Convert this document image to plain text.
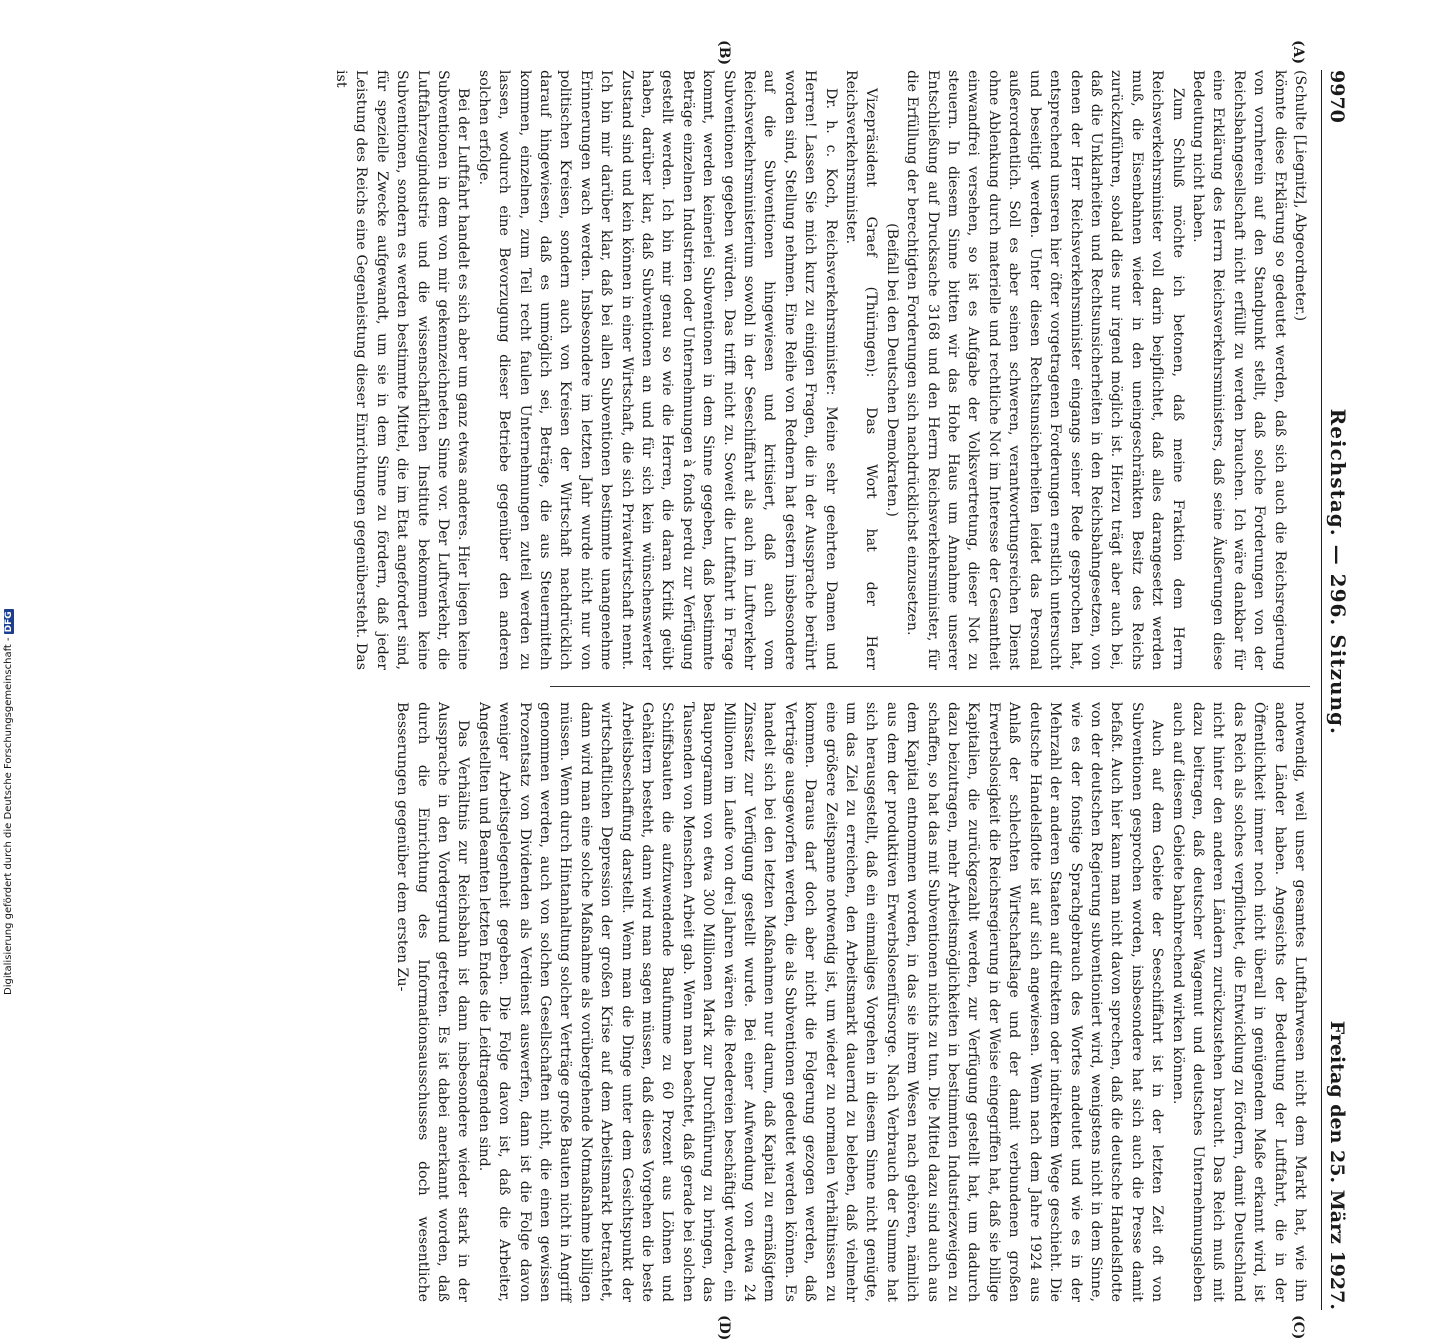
Digitalisierung gefördert durch die Deutsche Forschungsgemeinschaft -DFG
9970
Reichstag. — 296. Sitzung.
Freitag den 25. März 1927.

(Schulte [Liegnitz], Abgeordneter.)

könnte diese Erklärung so gedeutet werden, daß sich auch die Reichsregierung von vornherein auf den Standpunkt stellt, daß solche Forderungen von der Reichsbahngesellschaft nicht erfüllt zu werden brauchen. Ich wäre dankbar für eine Erklärung des Herrn Reichsverkehrsministers, daß seine Äußerungen diese Bedeutung nicht haben.

Zum Schluß möchte ich betonen, daß meine Fraktion dem Herrn Reichsverkehrsminister voll darin beipflichtet, daß alles darangesetzt werden muß, die Eisenbahnen wieder in den uneingeschränkten Besitz des Reichs zurückzuführen, sobald dies nur irgend möglich ist. Hierzu trägt aber auch bei, daß die Unklarheiten und Rechtsunsicherheiten in den Reichsbahngesetzen, von denen der Herr Reichsverkehrsminister eingangs seiner Rede gesprochen hat, entsprechend unseren hier öfter vorgetragenen Forderungen ernstlich untersucht und beseitigt werden. Unter diesen Rechtsunsicherheiten leidet das Personal außerordentlich. Soll es aber seinen schweren, verantwortungsreichen Dienst ohne Ablenkung durch materielle und rechtliche Not im Interesse der Gesamtheit einwandfrei versehen, so ist es Aufgabe der Volksvertretung, dieser Not zu steuern. In diesem Sinne bitten wir das Hohe Haus um Annahme unserer Entschließung auf Drucksache 3168 und den Herrn Reichsverkehrsminister, für die Erfüllung der berechtigten Forderungen sich nachdrücklichst einzusetzen.

(Beifall bei den Deutschen Demokraten.)

Vizepräsident Graef (Thüringen): Das Wort hat der Herr Reichsverkehrsminister.

Dr. h. c. Koch, Reichsverkehrsminister: Meine sehr geehrten Damen und Herren! Lassen Sie mich kurz zu einigen Fragen, die in der Aussprache berührt worden sind, Stellung nehmen. Eine Reihe von Rednern hat gestern insbesondere auf die Subventionen hingewiesen und kritisiert, daß auch vom Reichsverkehrsministerium sowohl in der Seeschiffahrt als auch im Luftverkehr Subventionen gegeben würden. Das trifft nicht zu. Soweit die Luftfahrt in Frage kommt, werden keinerlei Subventionen in dem Sinne gegeben, daß bestimmte Beträge einzelnen Industrien oder Unternehmungen à fonds perdu zur Verfügung gestellt werden. Ich bin mir genau so wie die Herren, die daran Kritik geübt haben, darüber klar, daß Subventionen an und für sich kein wünschenswerter Zustand sind und kein können in einer Wirtschaft, die sich Privatwirtschaft nennt. Ich bin mir darüber klar, daß bei allen Subventionen bestimmte unangenehme Erinnerungen wach werden. Insbesondere im letzten Jahr wurde nicht nur von politischen Kreisen, sondern auch von Kreisen der Wirtschaft nachdrücklich darauf hingewiesen, daß es unmöglich sei, Beträge, die aus Steuermitteln kommen, einzelnen, zum Teil recht faulen Unternehmungen zuteil werden zu lassen, wodurch eine Bevorzugung dieser Betriebe gegenüber den anderen solchen erfolge.

Bei der Luftfahrt handelt es sich aber um ganz etwas anderes. Hier liegen keine Subventionen in dem von mir gekennzeichneten Sinne vor. Der Luftverkehr, die Luftfahrzeugindustrie und die wissenschaftlichen Institute bekommen keine Subventionen, sondern es werden bestimmte Mittel, die im Etat angefordert sind, für spezielle Zwecke aufgewandt, um sie in dem Sinne zu fördern, daß jeder Leistung des Reichs eine Gegenleistung dieser Einrichtungen gegenübersteht. Das ist

notwendig, weil unser gesamtes Luftfahrwesen nicht dem Markt hat, wie ihn andere Länder haben. Angesichts der Bedeutung der Luftfahrt, die in der Öffentlichkeit immer noch nicht überall in genügendem Maße erkannt wird, ist das Reich als solches verpflichtet, die Entwicklung zu fördern, damit Deutschland nicht hinter den anderen Ländern zurückzustehen braucht. Das Reich muß mit dazu beitragen, daß deutscher Wagemut und deutsches Unternehmungsleben auch auf diesem Gebiete bahnbrechend wirken können.

Auch auf dem Gebiete der Seeschiffahrt ist in der letzten Zeit oft von Subventionen gesprochen worden, insbesondere hat sich auch die Presse damit befaßt. Auch hier kann man nicht davon sprechen, daß die deutsche Handelsflotte von der deutschen Regierung subventioniert wird, wenigstens nicht in dem Sinne, wie es der fonstige Sprachgebrauch des Wortes andeutet und wie es in der Mehrzahl der anderen Staaten auf direktem oder indirektem Wege geschieht. Die deutsche Handelsflotte ist auf sich angewiesen. Wenn nach dem Jahre 1924 aus Anlaß der schlechten Wirtschaftslage und der damit verbundenen großen Erwerbslosigkeit die Reichsregierung in der Weise eingegriffen hat, daß sie billige Kapitalien, die zurückgezahlt werden, zur Verfügung gestellt hat, um dadurch dazu beizutragen, mehr Arbeitsmöglichkeiten in bestimmten Industriezweigen zu schaffen, so hat das mit Subventionen nichts zu tun. Die Mittel dazu sind auch aus dem Kapital entnommen worden, in das sie ihrem Wesen nach gehören, nämlich aus dem der produktiven Erwerbslosenfürsorge. Nach Verbrauch der Summe hat sich herausgestellt, daß ein einmaliges Vorgehen in diesem Sinne nicht genügte, um das Ziel zu erreichen, den Arbeitsmarkt dauernd zu beleben, daß vielmehr eine größere Zeitspanne notwendig ist, um wieder zu normalen Verhältnissen zu kommen. Daraus darf doch aber nicht die Folgerung gezogen werden, daß Verträge ausgeworfen werden, die als Subventionen gedeutet werden können. Es handelt sich bei den letzten Maßnahmen nur darum, daß Kapital zu ermäßigtem Zinssatz zur Verfügung gestellt wurde. Bei einer Aufwendung von etwa 24 Millionen im Laufe von drei Jahren wären die Reedereien beschäftigt worden, ein Bauprogramm von etwa 300 Millionen Mark zur Durchführung zu bringen, das Tausenden von Menschen Arbeit gab. Wenn man beachtet, daß gerade bei solchen Schiffsbauten die aufzuwendende Baufumme zu 60 Prozent aus Löhnen und Gehältern besteht, dann wird man sagen müssen, daß dieses Vorgehen die beste Arbeitsbeschaffung darstellt. Wenn man die Dinge unter dem Gesichtspunkt der wirtschaftlichen Depression der großen Krise auf dem Arbeitsmarkt betrachtet, dann wird man eine solche Maßnahme als vorübergehende Notmaßnahme billigen müssen. Wenn durch Hintanhaltung solcher Verträge große Bauten nicht in Angriff genommen werden, auch von solchen Gesellschaften nicht, die einen gewissen Prozentsatz von Dividenden als Verdienst auswerfen, dann ist die Folge davon weniger Arbeitsgelegenheit gegeben. Die Folge davon ist, daß die Arbeiter, Angestellten und Beamten letzten Endes die Leidtragenden sind.

Das Verhältnis zur Reichsbahn ist dann insbesondere wieder stark in der Aussprache in den Vordergrund getreten. Es ist dabei anerkannt worden, daß durch die Einrichtung des Informationsausschusses doch wesentliche Besserungen gegenüber dem ersten Zu-

(A)
(B)
(C)
(D)
